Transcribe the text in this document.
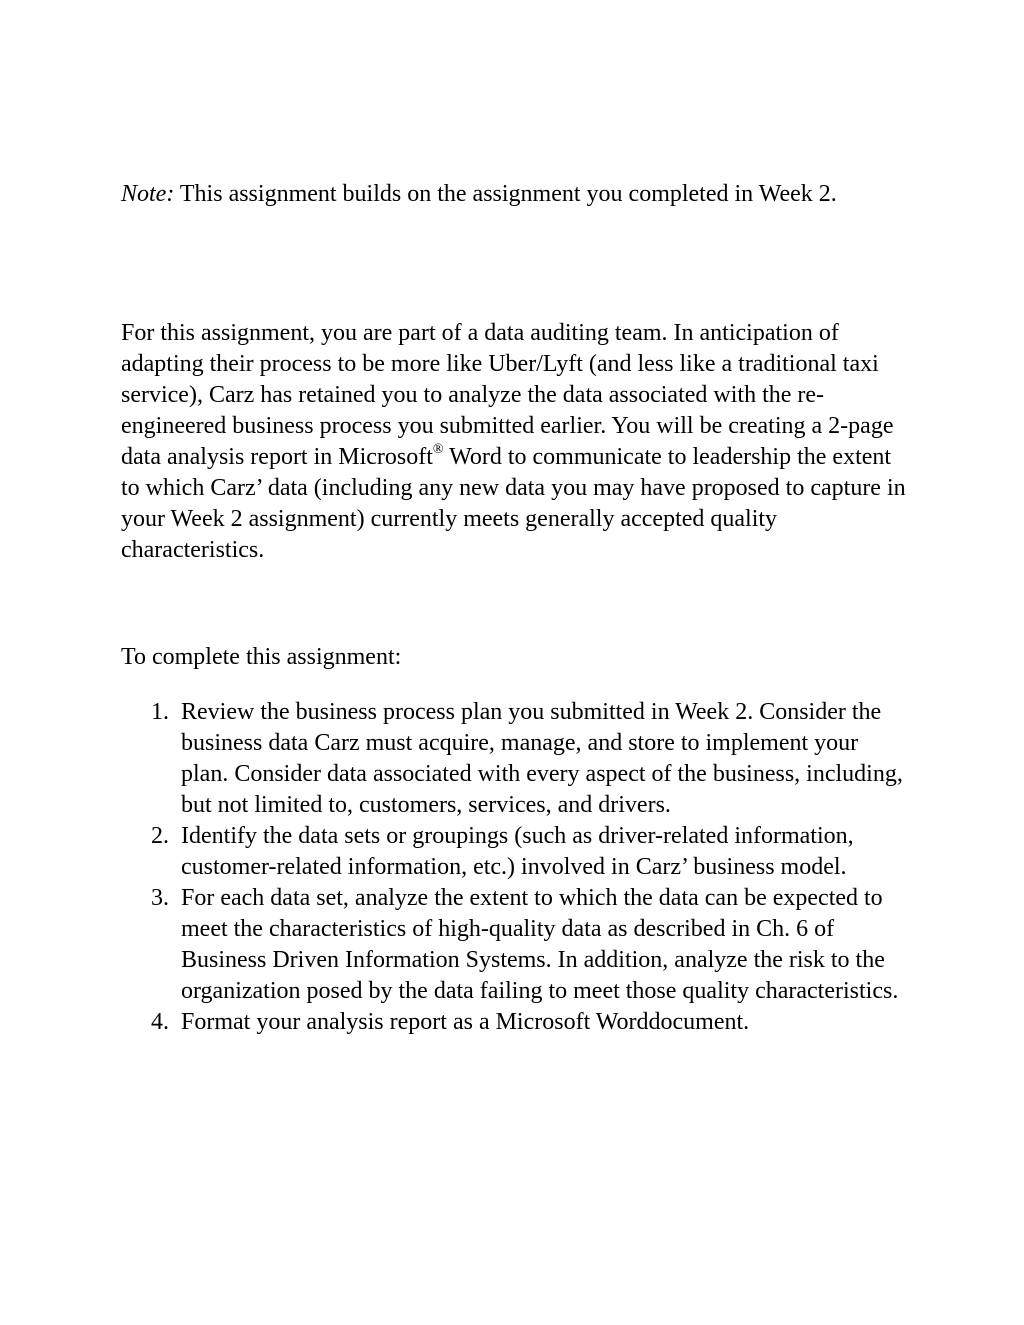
Note: This assignment builds on the assignment you completed in Week 2.

For this assignment, you are part of a data auditing team. In anticipation of adapting their process to be more like Uber/Lyft (and less like a traditional taxi service), Carz has retained you to analyze the data associated with the re-engineered business process you submitted earlier. You will be creating a 2-page data analysis report in Microsoft® Word to communicate to leadership the extent to which Carz’ data (including any new data you may have proposed to capture in your Week 2 assignment) currently meets generally accepted quality characteristics.

To complete this assignment:

1. Review the business process plan you submitted in Week 2. Consider the business data Carz must acquire, manage, and store to implement your plan. Consider data associated with every aspect of the business, including, but not limited to, customers, services, and drivers.
2. Identify the data sets or groupings (such as driver-related information, customer-related information, etc.) involved in Carz’ business model.
3. For each data set, analyze the extent to which the data can be expected to meet the characteristics of high-quality data as described in Ch. 6 of Business Driven Information Systems. In addition, analyze the risk to the organization posed by the data failing to meet those quality characteristics.
4. Format your analysis report as a Microsoft Worddocument.
